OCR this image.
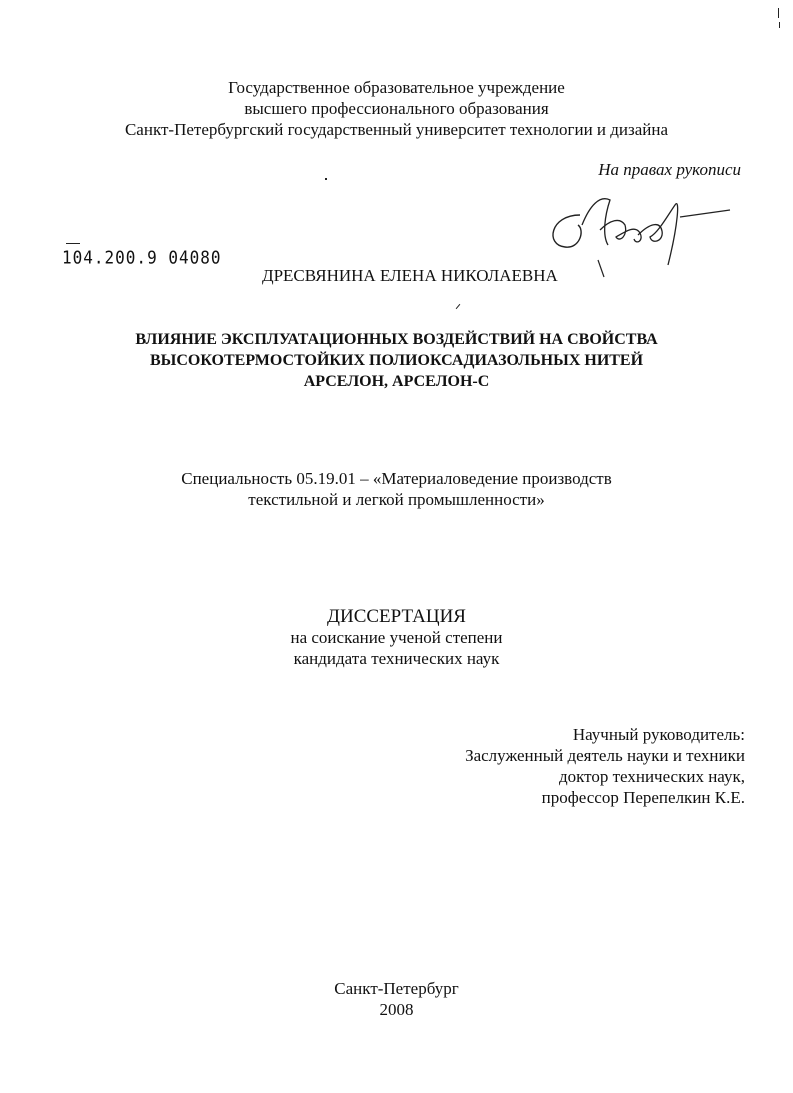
Государственное образовательное учреждение
высшего профессионального образования
Санкт-Петербургский государственный университет технологии и дизайна
На правах рукописи
104.200.9 04080
ДРЕСВЯНИНА ЕЛЕНА НИКОЛАЕВНА
ВЛИЯНИЕ ЭКСПЛУАТАЦИОННЫХ ВОЗДЕЙСТВИЙ НА СВОЙСТВА
ВЫСОКОТЕРМОСТОЙКИХ ПОЛИОКСАДИАЗОЛЬНЫХ НИТЕЙ
АРСЕЛОН, АРСЕЛОН-С
Специальность 05.19.01 – «Материаловедение производств
текстильной и легкой промышленности»
ДИССЕРТАЦИЯ
на соискание ученой степени
кандидата технических наук
Научный руководитель:
Заслуженный деятель науки и техники
доктор технических наук,
профессор Перепелкин К.Е.
Санкт-Петербург
2008
